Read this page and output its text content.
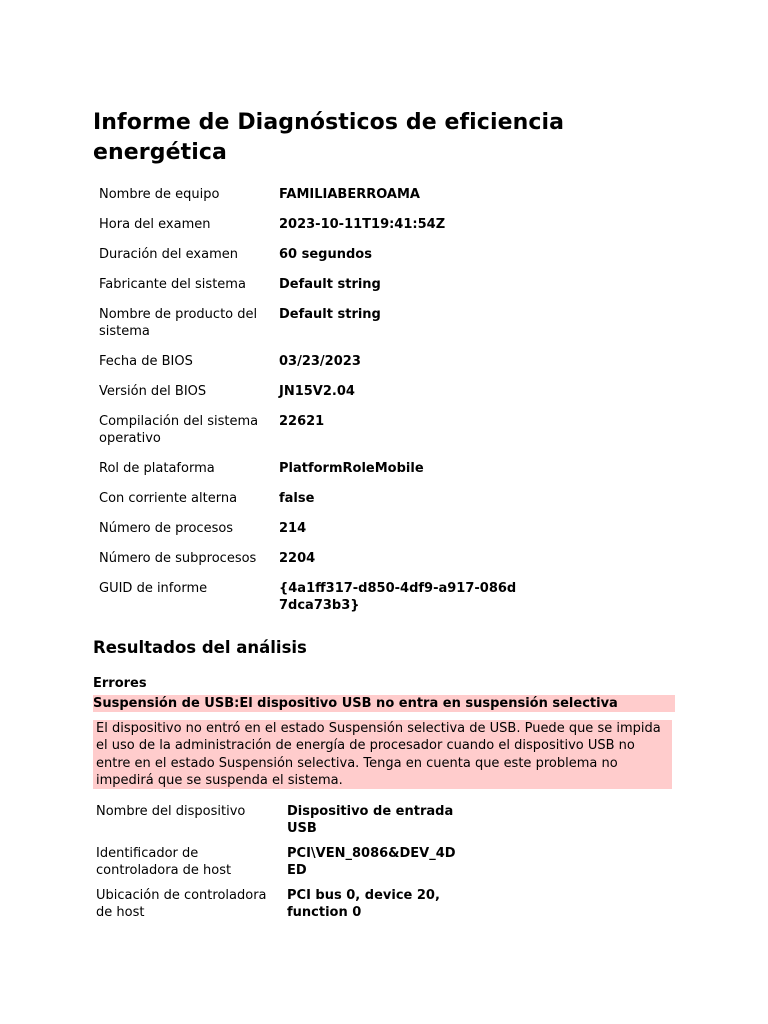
Informe de Diagnósticos de eficiencia energética
Nombre de equipo	FAMILIABERROAMA
Hora del examen	2023-10-11T19:41:54Z
Duración del examen	60 segundos
Fabricante del sistema	Default string
Nombre de producto del sistema	Default string
Fecha de BIOS	03/23/2023
Versión del BIOS	JN15V2.04
Compilación del sistema operativo	22621
Rol de plataforma	PlatformRoleMobile
Con corriente alterna	false
Número de procesos	214
Número de subprocesos	2204
GUID de informe	{4a1ff317-d850-4df9-a917-086d7dca73b3}
Resultados del análisis
Errores
Suspensión de USB:El dispositivo USB no entra en suspensión selectiva
El dispositivo no entró en el estado Suspensión selectiva de USB. Puede que se impida el uso de la administración de energía de procesador cuando el dispositivo USB no entre en el estado Suspensión selectiva. Tenga en cuenta que este problema no impedirá que se suspenda el sistema.
Nombre del dispositivo	Dispositivo de entrada USB
Identificador de controladora de host	PCI\VEN_8086&DEV_4DED
Ubicación de controladora de host	PCI bus 0, device 20, function 0
